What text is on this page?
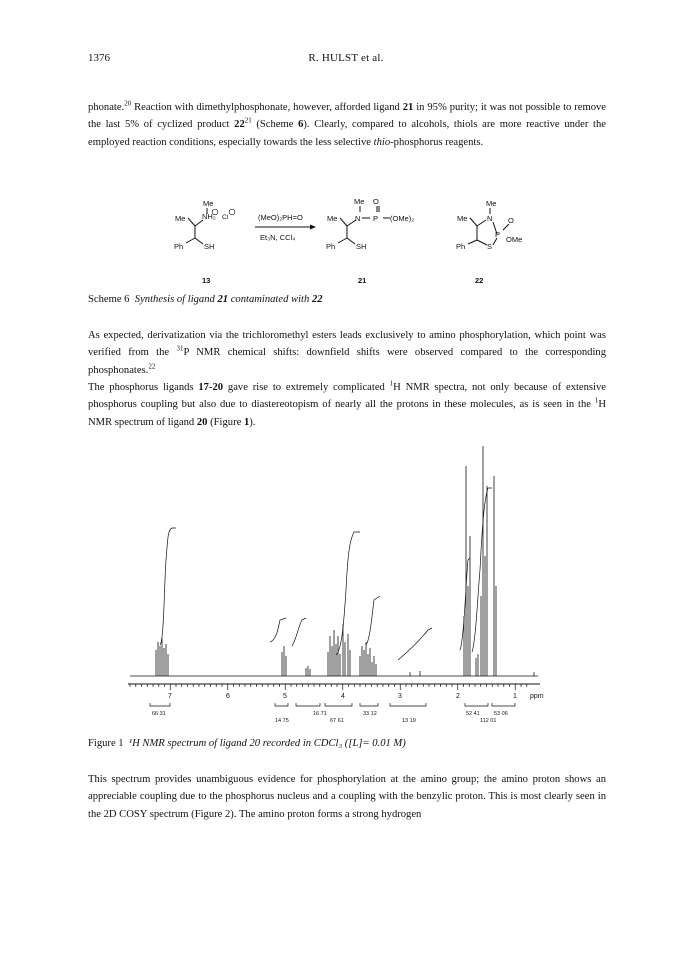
1376	R. HULST et al.
phonate.$^{20}$ Reaction with dimethylphosphonate, however, afforded ligand 21 in 95% purity; it was not possible to remove the last 5% of cyclized product $22^{21}$ (Scheme 6). Clearly, compared to alcohols, thiols are more reactive under the employed reaction conditions, especially towards the less selective thio-phosphorus reagents.
Me
Me NH₂ Cl
Ph	SH
13
(MeO)₂PH=O
Et₃N, CCl₄
Me O
Me N P (OMe)₂
Ph	SH
21
Me
Me	N O
P
OMe
Ph	S
22
Scheme 6 Synthesis of ligand 21 contaminated with 22
As expected, derivatization via the trichloromethyl esters leads exclusively to amino phosphorylation, which point was verified from the $^{31}$P NMR chemical shifts: downfield shifts were observed compared to the corresponding phosphonates.$^{22}$
The phosphorus ligands 17-20 gave rise to extremely complicated $^1$H NMR spectra, not only because of extensive phosphorus coupling but also due to diastereotopism of nearly all the protons in these molecules, as is seen in the $^1$H NMR spectrum of ligand 20 (Figure 1).
7	6	5	4	3	2	1 ppm
66 31	16 71
14 75	67 61
33 12
13 19
52 41	53 06
112 01
Figure 1  ¹H NMR spectrum of ligand 20 recorded in CDCl₃ ([L]= 0.01 M)
This spectrum provides unambiguous evidence for phosphorylation at the amino group; the amino proton shows an appreciable coupling due to the phosphorus nucleus and a coupling with the benzylic proton. This is most clearly seen in the 2D COSY spectrum (Figure 2). The amino proton forms a strong hydrogen
